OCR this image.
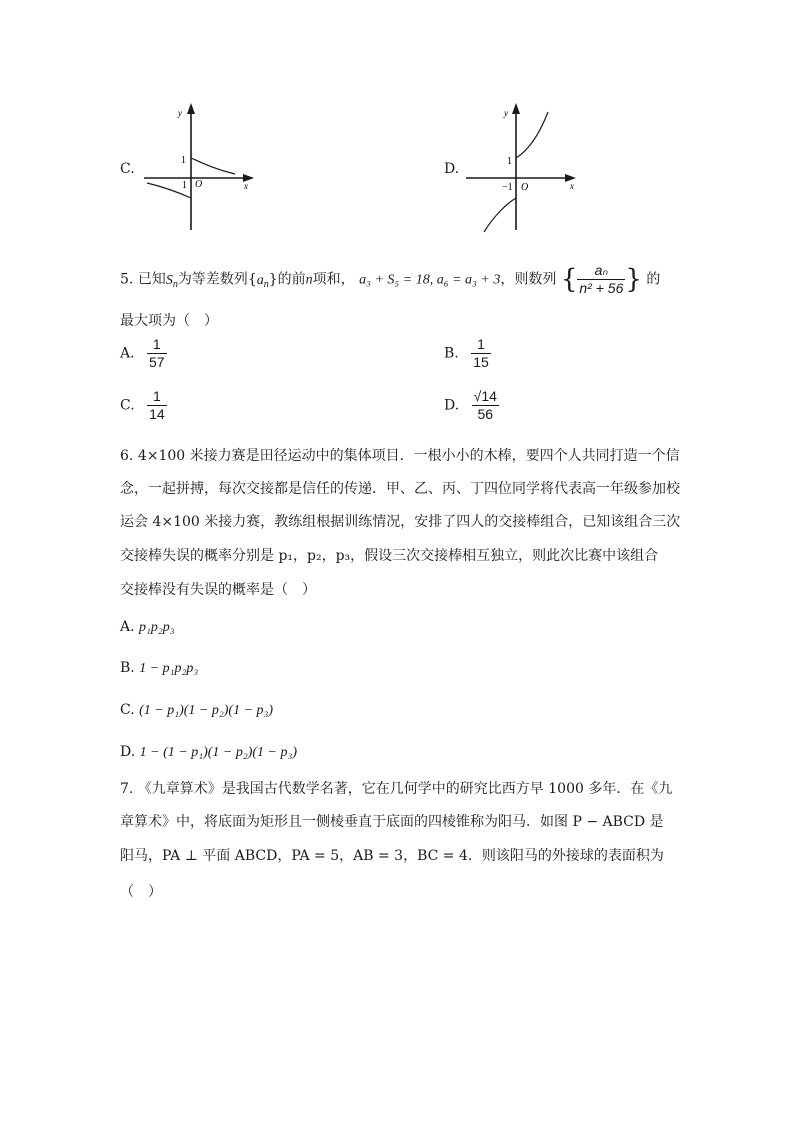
C.
y
x
O
1
1
D.
y
x
O
1
−1
5. 已知$S_n$为等差数列$\{a_n\}$的前n项和， a₃ + S₅ = 18, a₆ = a₃ + 3，则数列 { $\frac{\text{aₙ}}{\text{n² + 56}}$ } 的
最大项为（　）
A. $\frac{1}{57}$	B. $\frac{1}{15}$
C. $\frac{1}{14}$	D. $\frac{√14}{56}$
6. 4×100 米接力赛是田径运动中的集体项目．一根小小的木棒，要四个人共同打造一个信
念，一起拼搏，每次交接都是信任的传递．甲、乙、丙、丁四位同学将代表高一年级参加校
运会 4×100 米接力赛，教练组根据训练情况，安排了四人的交接棒组合，已知该组合三次
交接棒失误的概率分别是 p₁，p₂，p₃，假设三次交接棒相互独立，则此次比赛中该组合
交接棒没有失误的概率是（　）
A. p₁p₂p₃
B. 1 − p₁p₂p₃
C. (1 − p₁)(1 − p₂)(1 − p₃)
D. 1 − (1 − p₁)(1 − p₂)(1 − p₃)
7. 《九章算术》是我国古代数学名著，它在几何学中的研究比西方早 1000 多年．在《九
章算术》中，将底面为矩形且一侧棱垂直于底面的四棱锥称为阳马．如图 P − ABCD 是
阳马，PA ⊥ 平面 ABCD，PA = 5，AB = 3，BC = 4．则该阳马的外接球的表面积为
（　）
